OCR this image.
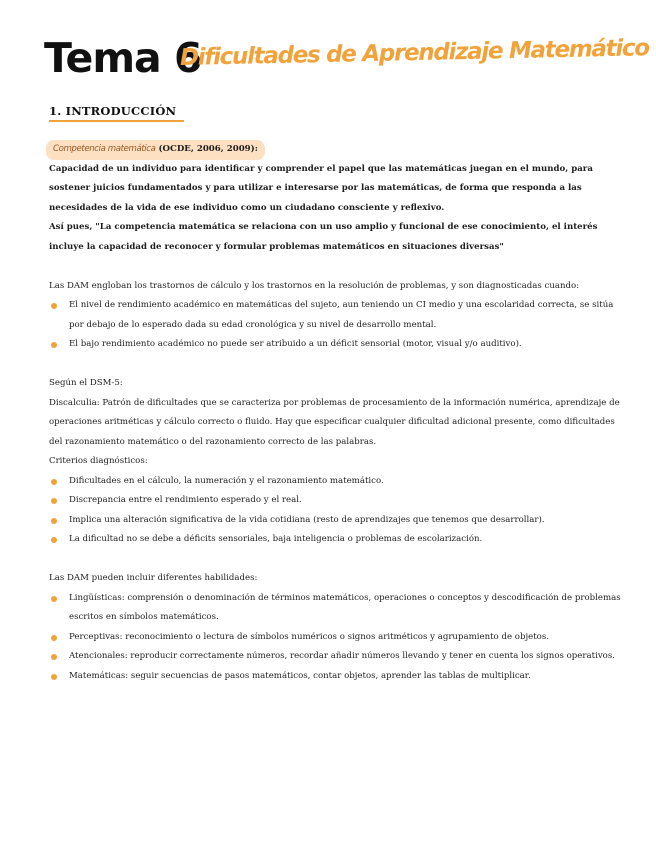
Tema 6
Dificultades de Aprendizaje Matemático
1. INTRODUCCIÓN

Competencia matemática (OCDE, 2006, 2009):

Capacidad de un individuo para identificar y comprender el papel que las matemáticas juegan en el mundo, para sostener juicios fundamentados y para utilizar e interesarse por las matemáticas, de forma que responda a las necesidades de la vida de ese individuo como un ciudadano consciente y reflexivo.

Así pues, "La competencia matemática se relaciona con un uso amplio y funcional de ese conocimiento, el interés incluye la capacidad de reconocer y formular problemas matemáticos en situaciones diversas"

Las DAM engloban los trastornos de cálculo y los trastornos en la resolución de problemas, y son diagnosticadas cuando:

El nivel de rendimiento académico en matemáticas del sujeto, aun teniendo un CI medio y una escolaridad correcta, se sitúa por debajo de lo esperado dada su edad cronológica y su nivel de desarrollo mental.
El bajo rendimiento académico no puede ser atribuido a un déficit sensorial (motor, visual y/o auditivo).

Según el DSM-5:

Discalculia: Patrón de dificultades que se caracteriza por problemas de procesamiento de la información numérica, aprendizaje de operaciones aritméticas y cálculo correcto o fluido. Hay que especificar cualquier dificultad adicional presente, como dificultades del razonamiento matemático o del razonamiento correcto de las palabras.

Criterios diagnósticos:

Dificultades en el cálculo, la numeración y el razonamiento matemático.
Discrepancia entre el rendimiento esperado y el real.
Implica una alteración significativa de la vida cotidiana (resto de aprendizajes que tenemos que desarrollar).
La dificultad no se debe a déficits sensoriales, baja inteligencia o problemas de escolarización.

Las DAM pueden incluir diferentes habilidades:

Lingüísticas: comprensión o denominación de términos matemáticos, operaciones o conceptos y descodificación de problemas escritos en símbolos matemáticos.
Perceptivas: reconocimiento o lectura de símbolos numéricos o signos aritméticos y agrupamiento de objetos.
Atencionales: reproducir correctamente números, recordar añadir números llevando y tener en cuenta los signos operativos.
Matemáticas: seguir secuencias de pasos matemáticos, contar objetos, aprender las tablas de multiplicar.
